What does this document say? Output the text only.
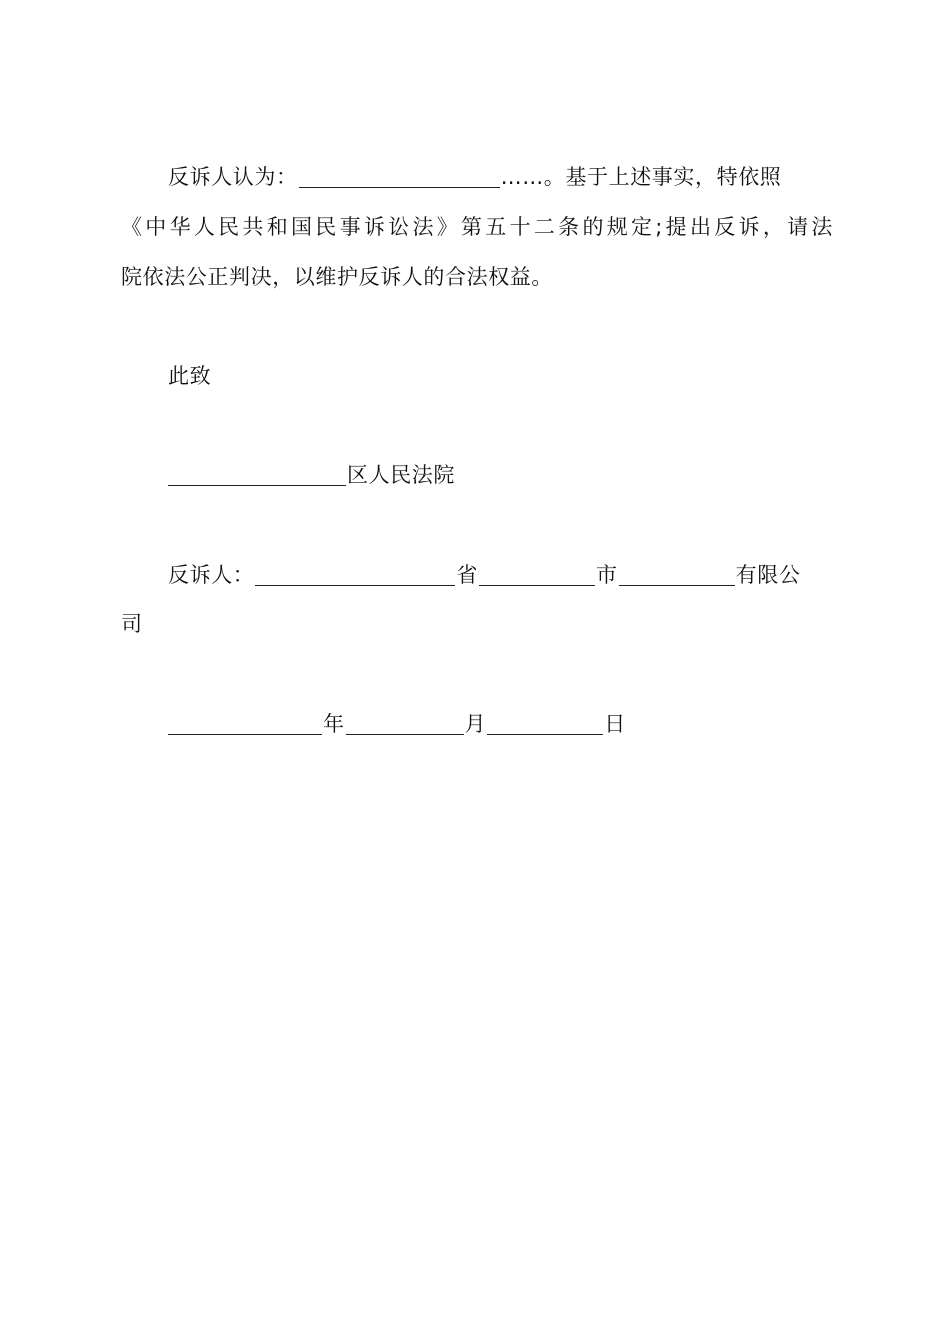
反诉人认为：	……。基于上述事实，特依照
《中华人民共和国民事诉讼法》第五十二条的规定;提出反诉，请法
院依法公正判决，以维护反诉人的合法权益。
此致
区人民法院
反诉人：	省	市	有限公
司
年	月	日
